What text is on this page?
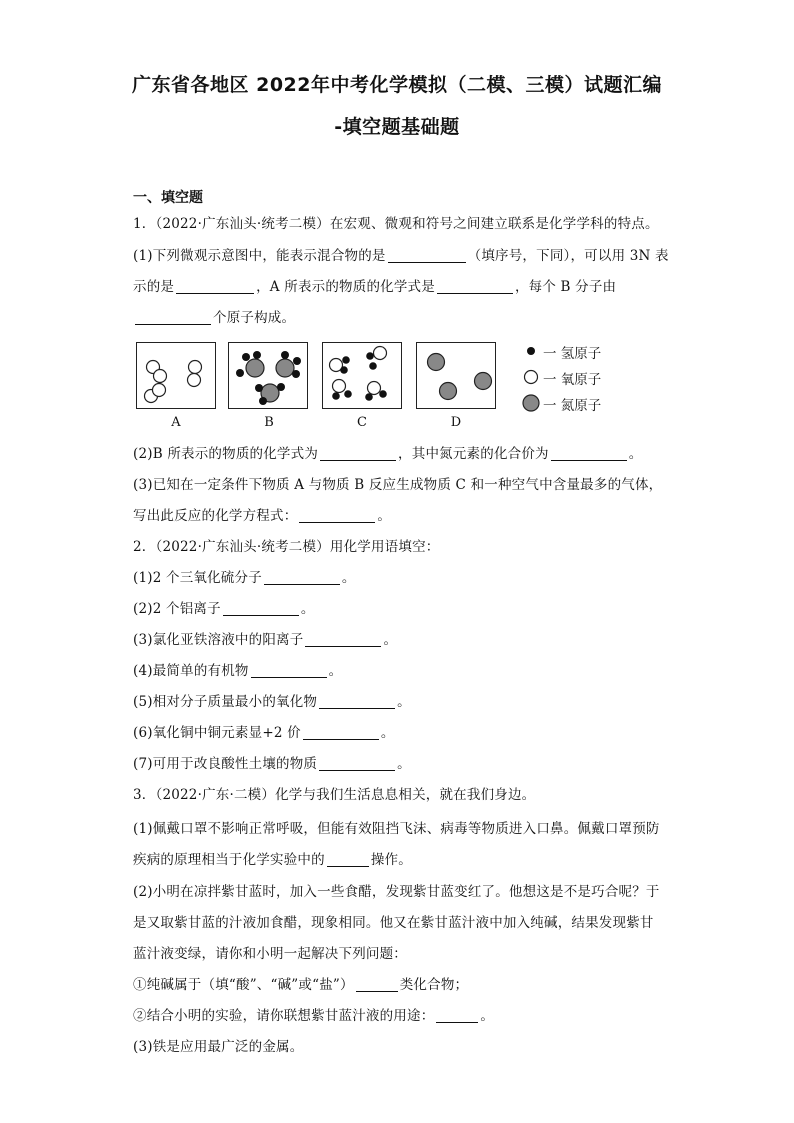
广东省各地区 2022年中考化学模拟（二模、三模）试题汇编
-填空题基础题
一、填空题
1．（2022·广东汕头·统考二模）在宏观、微观和符号之间建立联系是化学学科的特点。
(1)下列微观示意图中，能表示混合物的是	（填序号，下同），可以用 3N 表
示的是	，A 所表示的物质的化学式是	，每个 B 分子由
个原子构成。
A	B	C	D
一 氢原子
一 氧原子
一 氮原子
(2)B 所表示的物质的化学式为	，其中氮元素的化合价为	。
(3)已知在一定条件下物质 A 与物质 B 反应生成物质 C 和一种空气中含量最多的气体，
写出此反应的化学方程式：	。
2．（2022·广东汕头·统考二模）用化学用语填空：
(1)2 个三氧化硫分子	。
(2)2 个铝离子	。
(3)氯化亚铁溶液中的阳离子	。
(4)最简单的有机物	。
(5)相对分子质量最小的氧化物	。
(6)氧化铜中铜元素显+2 价	。
(7)可用于改良酸性土壤的物质	。
3．（2022·广东·二模）化学与我们生活息息相关，就在我们身边。
(1)佩戴口罩不影响正常呼吸，但能有效阻挡飞沫、病毒等物质进入口鼻。佩戴口罩预防
疾病的原理相当于化学实验中的	操作。
(2)小明在凉拌紫甘蓝时，加入一些食醋，发现紫甘蓝变红了。他想这是不是巧合呢？于
是又取紫甘蓝的汁液加食醋，现象相同。他又在紫甘蓝汁液中加入纯碱，结果发现紫甘
蓝汁液变绿，请你和小明一起解决下列问题：
①纯碱属于（填“酸”、“碱”或“盐”）	类化合物；
②结合小明的实验，请你联想紫甘蓝汁液的用途：	。
(3)铁是应用最广泛的金属。
